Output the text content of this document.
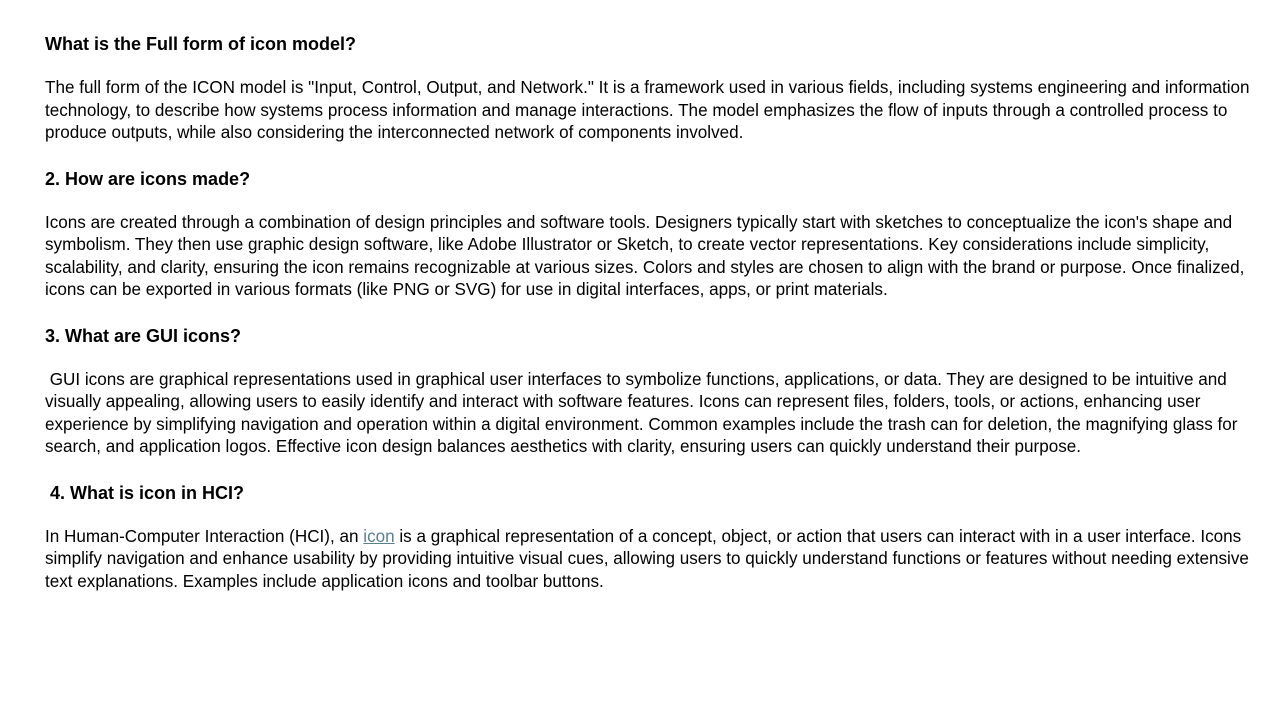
What is the Full form of icon model?

The full form of the ICON model is "Input, Control, Output, and Network." It is a framework used in various fields, including systems engineering and information technology, to describe how systems process information and manage interactions. The model emphasizes the flow of inputs through a controlled process to produce outputs, while also considering the interconnected network of components involved.

2. How are icons made?

Icons are created through a combination of design principles and software tools. Designers typically start with sketches to conceptualize the icon's shape and symbolism. They then use graphic design software, like Adobe Illustrator or Sketch, to create vector representations. Key considerations include simplicity, scalability, and clarity, ensuring the icon remains recognizable at various sizes. Colors and styles are chosen to align with the brand or purpose. Once finalized, icons can be exported in various formats (like PNG or SVG) for use in digital interfaces, apps, or print materials.

3. What are GUI icons?

GUI icons are graphical representations used in graphical user interfaces to symbolize functions, applications, or data. They are designed to be intuitive and visually appealing, allowing users to easily identify and interact with software features. Icons can represent files, folders, tools, or actions, enhancing user experience by simplifying navigation and operation within a digital environment. Common examples include the trash can for deletion, the magnifying glass for search, and application logos. Effective icon design balances aesthetics with clarity, ensuring users can quickly understand their purpose.

4. What is icon in HCI?

In Human-Computer Interaction (HCI), an icon is a graphical representation of a concept, object, or action that users can interact with in a user interface. Icons simplify navigation and enhance usability by providing intuitive visual cues, allowing users to quickly understand functions or features without needing extensive text explanations. Examples include application icons and toolbar buttons.
